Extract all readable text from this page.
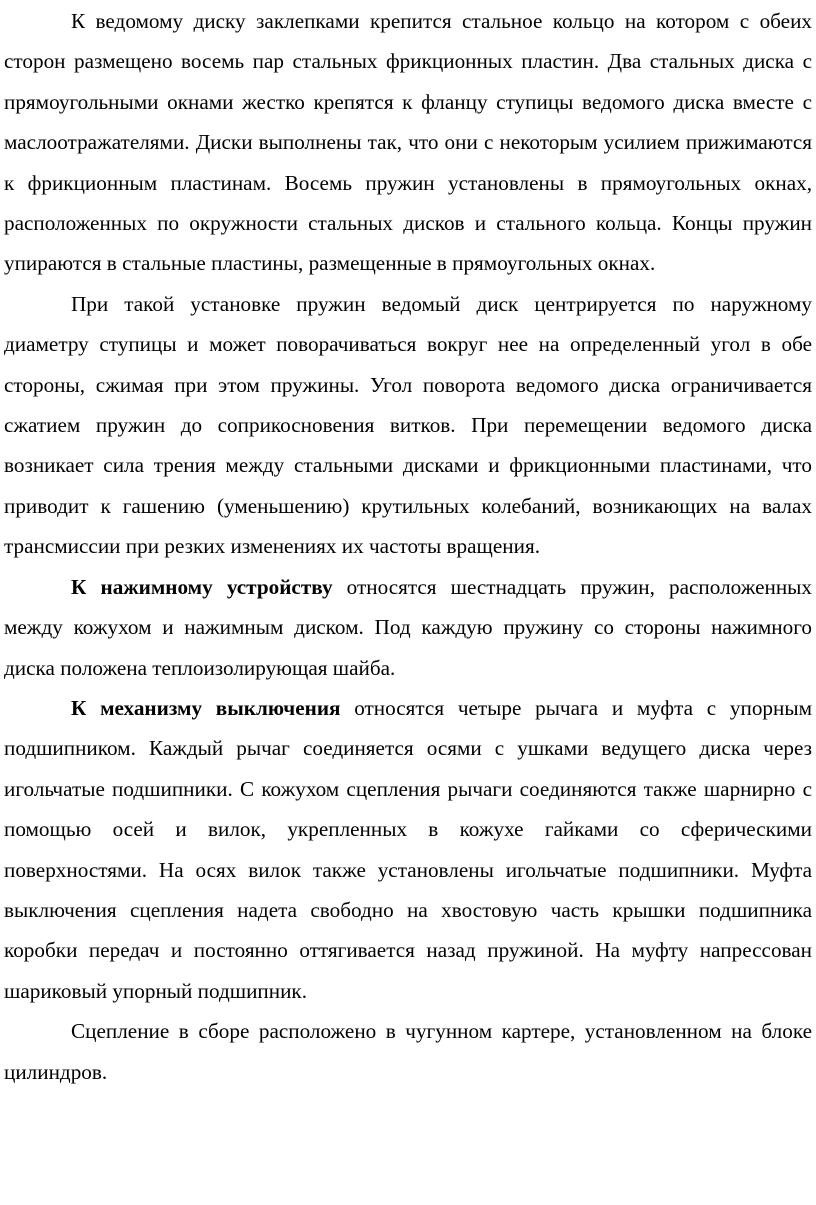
К ведомому диску заклепками крепится стальное кольцо на котором с обеих сторон размещено восемь пар стальных фрикционных пластин. Два стальных диска с прямоугольными окнами жестко крепятся к фланцу ступицы ведомого диска вместе с маслоотражателями. Диски выполнены так, что они с некоторым усилием прижимаются к фрикционным пластинам. Восемь пружин установлены в прямоугольных окнах, расположенных по окружности стальных дисков и стального кольца. Концы пружин упираются в стальные пластины, размещенные в прямоугольных окнах.

При такой установке пружин ведомый диск центрируется по наружному диаметру ступицы и может поворачиваться вокруг нее на определенный угол в обе стороны, сжимая при этом пружины. Угол поворота ведомого диска ограничивается сжатием пружин до соприкосновения витков. При перемещении ведомого диска возникает сила трения между стальными дисками и фрикционными пластинами, что приводит к гашению (уменьшению) крутильных колебаний, возникающих на валах трансмиссии при резких изменениях их частоты вращения.

К нажимному устройству относятся шестнадцать пружин, расположенных между кожухом и нажимным диском. Под каждую пружину со стороны нажимного диска положена теплоизолирующая шайба.

К механизму выключения относятся четыре рычага и муфта с упорным подшипником. Каждый рычаг соединяется осями с ушками ведущего диска через игольчатые подшипники. С кожухом сцепления рычаги соединяются также шарнирно с помощью осей и вилок, укрепленных в кожухе гайками со сферическими поверхностями. На осях вилок также установлены игольчатые подшипники. Муфта выключения сцепления надета свободно на хвостовую часть крышки подшипника коробки передач и постоянно оттягивается назад пружиной. На муфту напрессован шариковый упорный подшипник.

Сцепление в сборе расположено в чугунном картере, установленном на блоке цилиндров.
